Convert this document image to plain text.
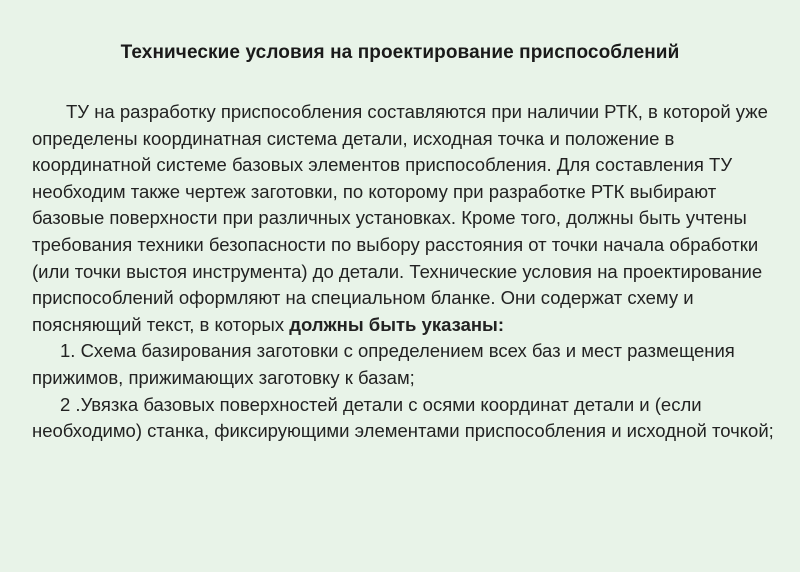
Технические условия на проектирование приспособлений

ТУ на разработку приспособления составляются при наличии РТК, в которой уже определены координатная система детали, исходная точка и положение в координатной системе базовых элементов приспособления. Для составления ТУ необходим также чертеж заготовки, по которому при разработке РТК выбирают базовые поверхности при различных установках. Кроме того, должны быть учтены требования техники безопасности по выбору расстояния от точки начала обработки (или точки выстоя инструмента) до детали. Технические условия на проектирование приспособлений оформляют на специальном бланке. Они содержат схему и поясняющий текст, в которых должны быть указаны:

1. Схема базирования заготовки с определением всех баз и мест размещения прижимов, прижимающих заготовку к базам;

2 .Увязка базовых поверхностей детали с осями координат детали и (если необходимо) станка, фиксирующими элементами приспособления и исходной точкой;
